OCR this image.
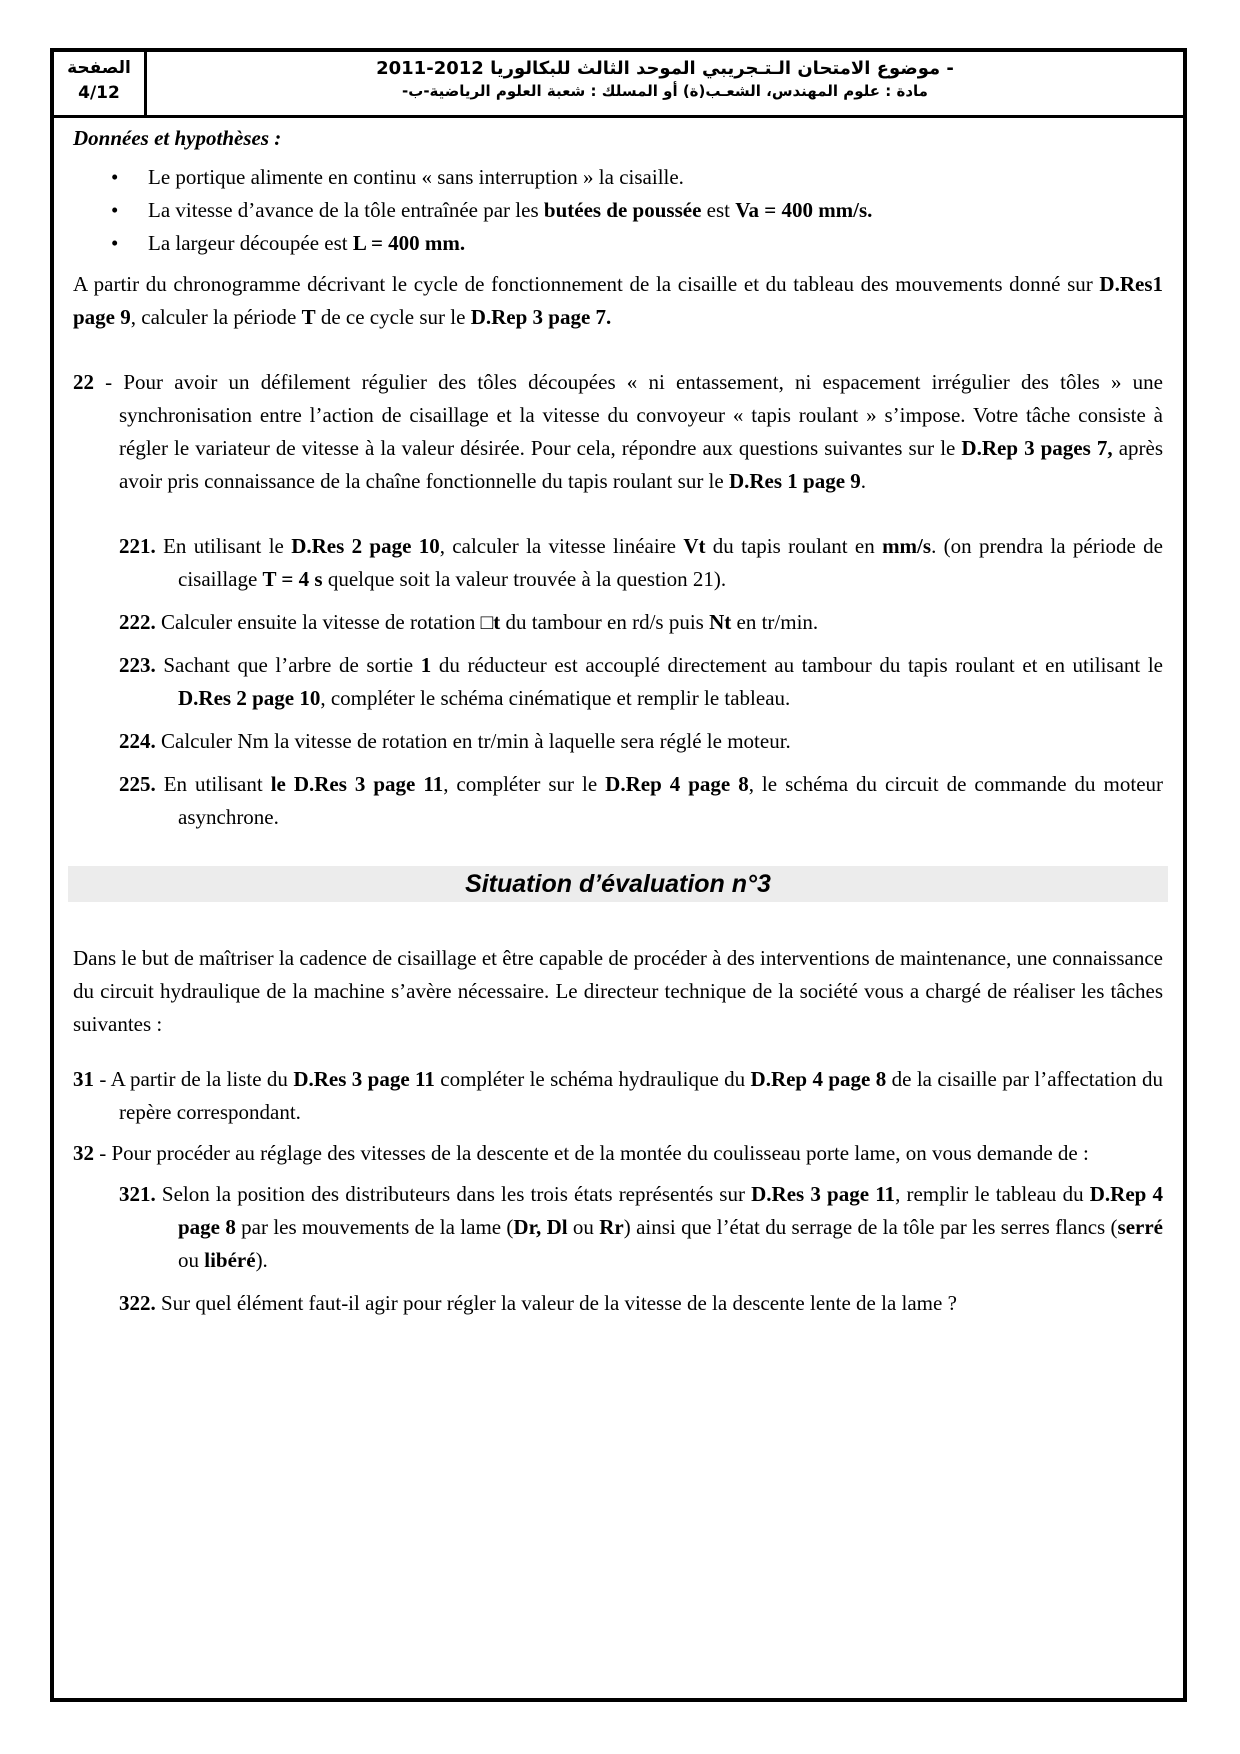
الصفحة
4/12
- موضوع الامتحان الـتـجريبي الموحد الثالث للبكالوريا 2012-2011
مادة : علوم المهندس، الشعـب(ة) أو المسلك : شعبة العلوم الرياضية-ب-

Données et hypothèses :

• Le portique alimente en continu « sans interruption » la cisaille.
• La vitesse d’avance de la tôle entraînée par les butées de poussée est Va = 400 mm/s.
• La largeur découpée est L = 400 mm.

A partir du chronogramme décrivant le cycle de fonctionnement de la cisaille et du tableau des mouvements donné sur D.Res1 page 9, calculer la période T de ce cycle sur le D.Rep 3 page 7.

22 - Pour avoir un défilement régulier des tôles découpées « ni entassement, ni espacement irrégulier des tôles » une synchronisation entre l’action de cisaillage et la vitesse du convoyeur « tapis roulant » s’impose. Votre tâche consiste à régler le variateur de vitesse à la valeur désirée. Pour cela, répondre aux questions suivantes sur le D.Rep 3 pages 7, après avoir pris connaissance de la chaîne fonctionnelle du tapis roulant sur le D.Res 1 page 9.

221. En utilisant le D.Res 2 page 10, calculer la vitesse linéaire Vt du tapis roulant en mm/s. (on prendra la période de cisaillage T = 4 s quelque soit la valeur trouvée à la question 21).

222. Calculer ensuite la vitesse de rotation □t du tambour en rd/s puis Nt en tr/min.

223. Sachant que l’arbre de sortie 1 du réducteur est accouplé directement au tambour du tapis roulant et en utilisant le D.Res 2 page 10, compléter le schéma cinématique et remplir le tableau.

224. Calculer Nm la vitesse de rotation en tr/min à laquelle sera réglé le moteur.

225. En utilisant le D.Res 3 page 11, compléter sur le D.Rep 4 page 8, le schéma du circuit de commande du moteur asynchrone.

Situation d’évaluation n°3

Dans le but de maîtriser la cadence de cisaillage et être capable de procéder à des interventions de maintenance, une connaissance du circuit hydraulique de la machine s’avère nécessaire. Le directeur technique de la société vous a chargé de réaliser les tâches suivantes :

31 - A partir de la liste du D.Res 3 page 11 compléter le schéma hydraulique du D.Rep 4 page 8 de la cisaille par l’affectation du repère correspondant.

32 - Pour procéder au réglage des vitesses de la descente et de la montée du coulisseau porte lame, on vous demande de :

321. Selon la position des distributeurs dans les trois états représentés sur D.Res 3 page 11, remplir le tableau du D.Rep 4 page 8 par les mouvements de la lame (Dr, Dl ou Rr) ainsi que l’état du serrage de la tôle par les serres flancs (serré ou libéré).

322. Sur quel élément faut-il agir pour régler la valeur de la vitesse de la descente lente de la lame ?
